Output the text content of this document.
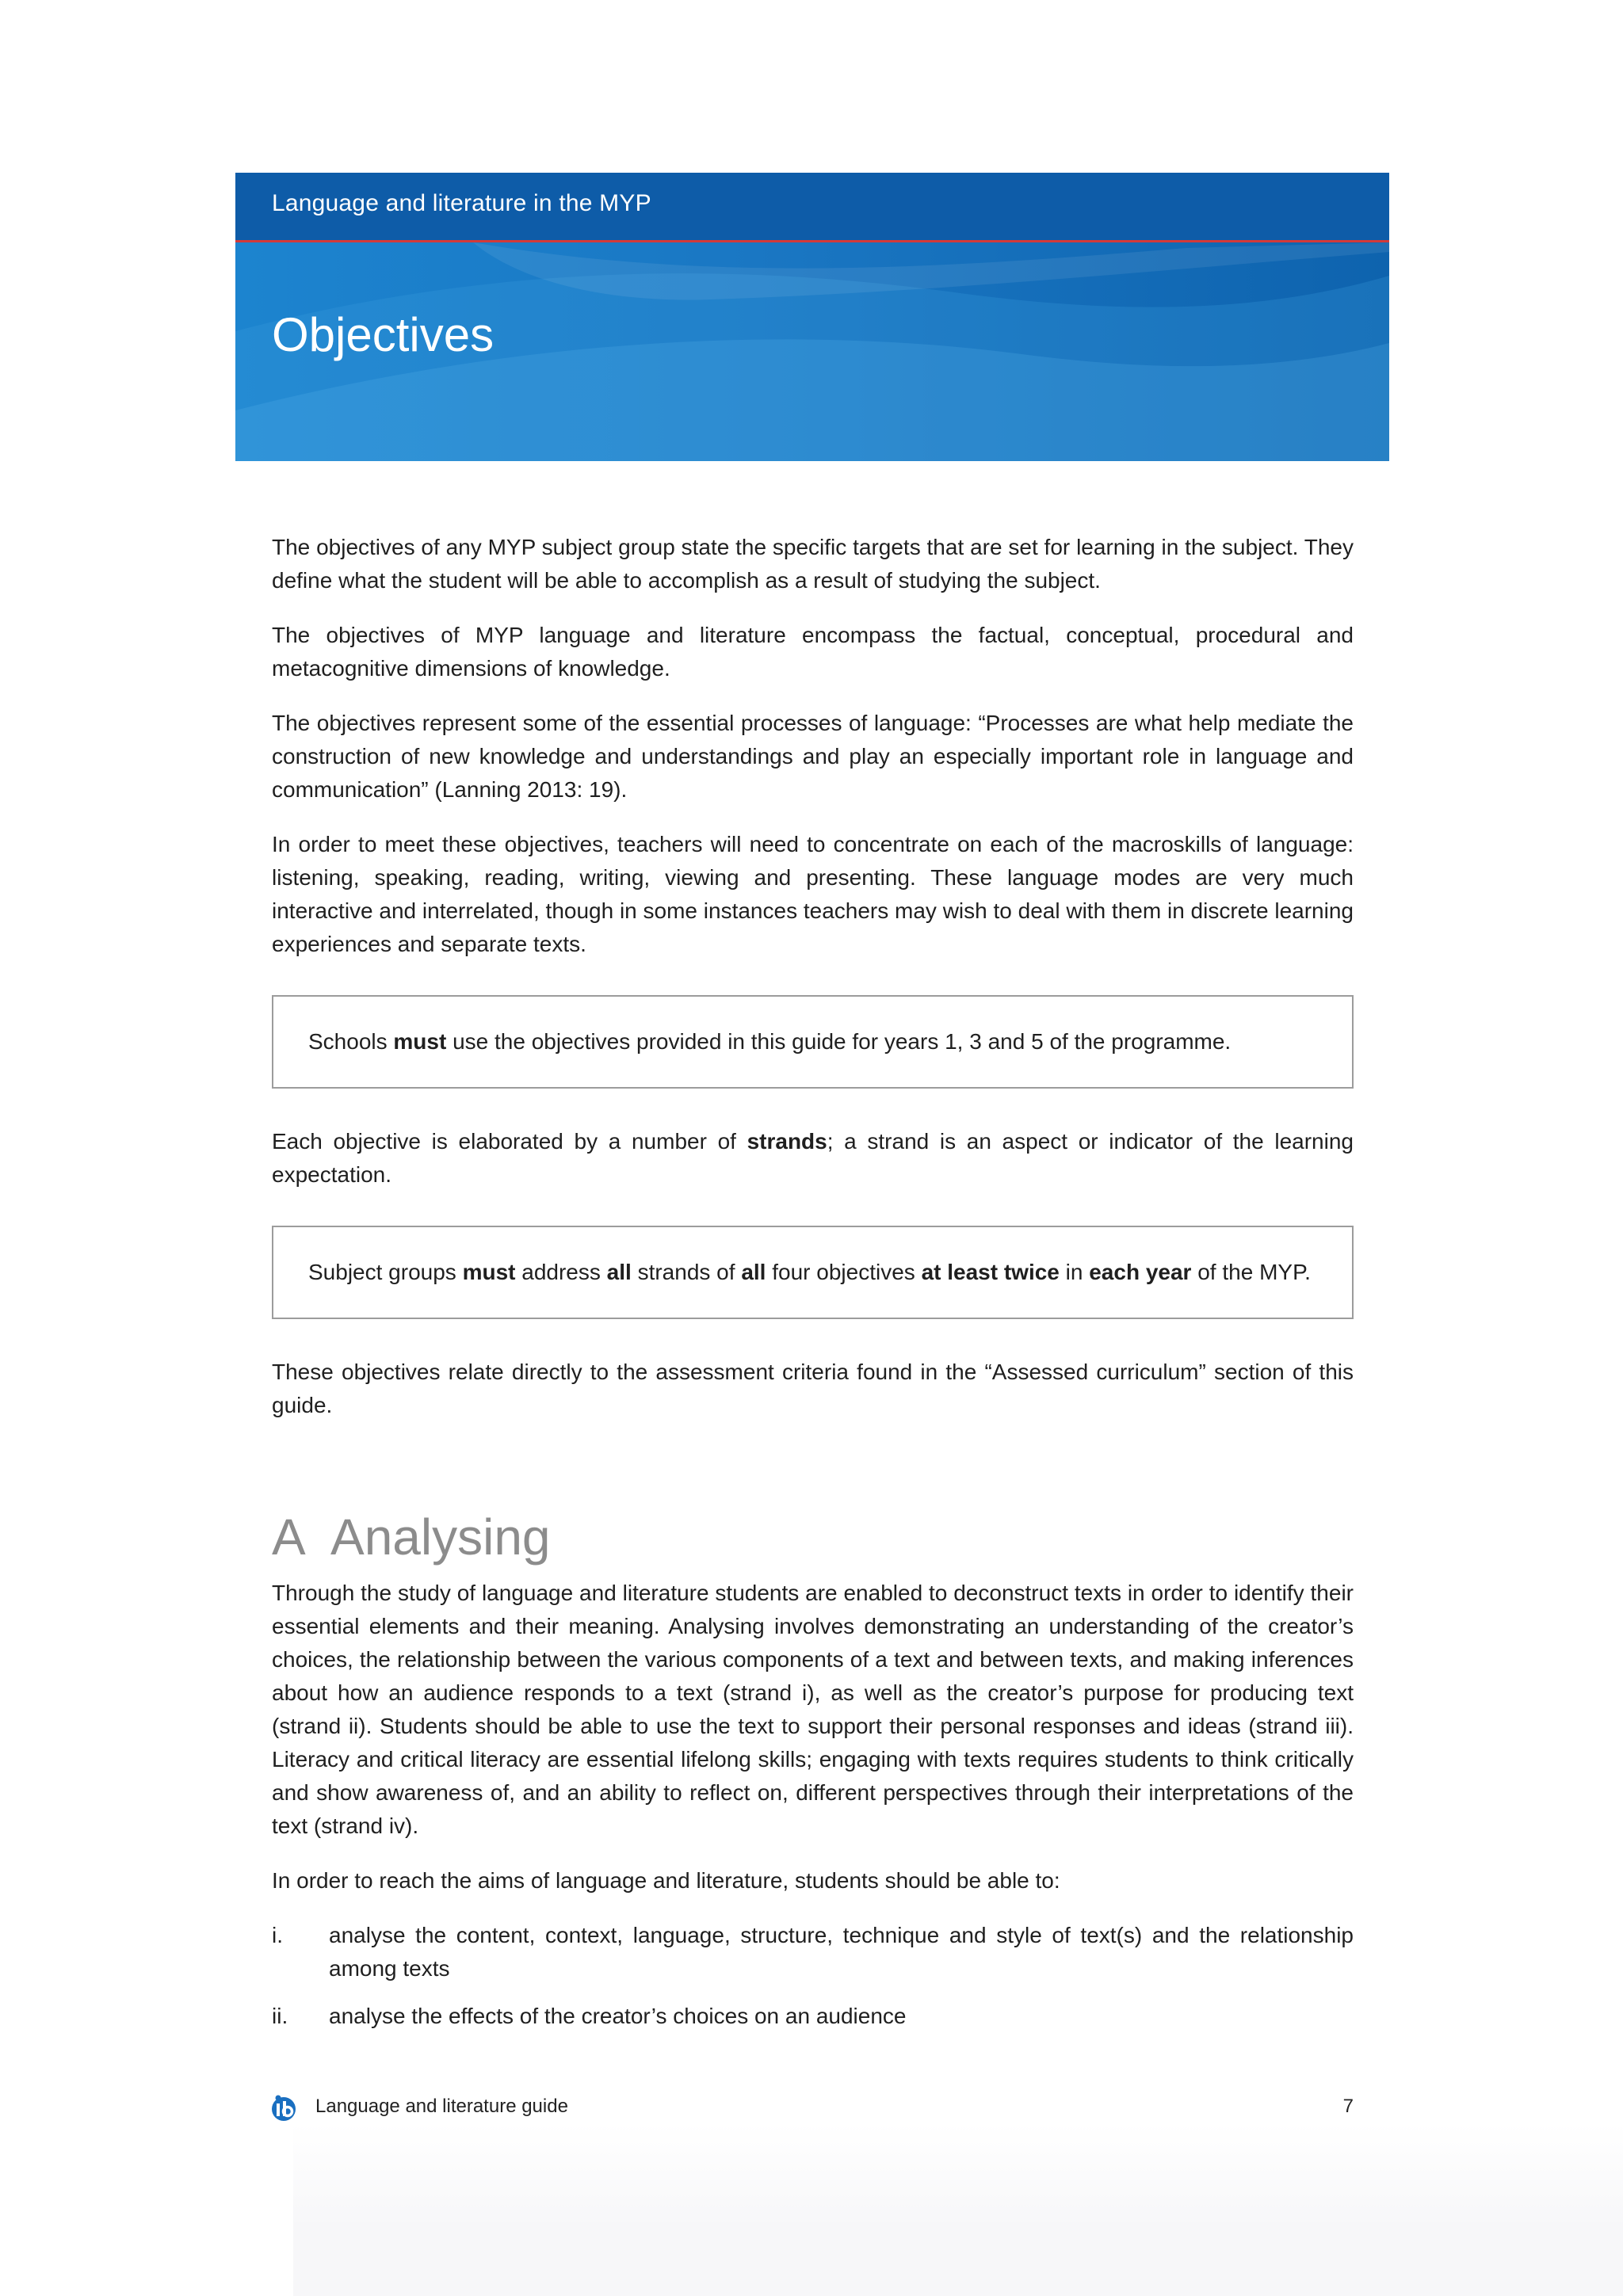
Language and literature in the MYP
Objectives

The objectives of any MYP subject group state the specific targets that are set for learning in the subject. They define what the student will be able to accomplish as a result of studying the subject.

The objectives of MYP language and literature encompass the factual, conceptual, procedural and metacognitive dimensions of knowledge.

The objectives represent some of the essential processes of language: “Processes are what help mediate the construction of new knowledge and understandings and play an especially important role in language and communication” (Lanning 2013: 19).

In order to meet these objectives, teachers will need to concentrate on each of the macroskills of language: listening, speaking, reading, writing, viewing and presenting. These language modes are very much interactive and interrelated, though in some instances teachers may wish to deal with them in discrete learning experiences and separate texts.

Schools must use the objectives provided in this guide for years 1, 3 and 5 of the programme.

Each objective is elaborated by a number of strands; a strand is an aspect or indicator of the learning expectation.

Subject groups must address all strands of all four objectives at least twice in each year of the MYP.

These objectives relate directly to the assessment criteria found in the “Assessed curriculum” section of this guide.

A Analysing

Through the study of language and literature students are enabled to deconstruct texts in order to identify their essential elements and their meaning. Analysing involves demonstrating an understanding of the creator’s choices, the relationship between the various components of a text and between texts, and making inferences about how an audience responds to a text (strand i), as well as the creator’s purpose for producing text (strand ii). Students should be able to use the text to support their personal responses and ideas (strand iii). Literacy and critical literacy are essential lifelong skills; engaging with texts requires students to think critically and show awareness of, and an ability to reflect on, different perspectives through their interpretations of the text (strand iv).

In order to reach the aims of language and literature, students should be able to:

i.	analyse the content, context, language, structure, technique and style of text(s) and the relationship among texts
ii.	analyse the effects of the creator’s choices on an audience
Language and literature guide	7
